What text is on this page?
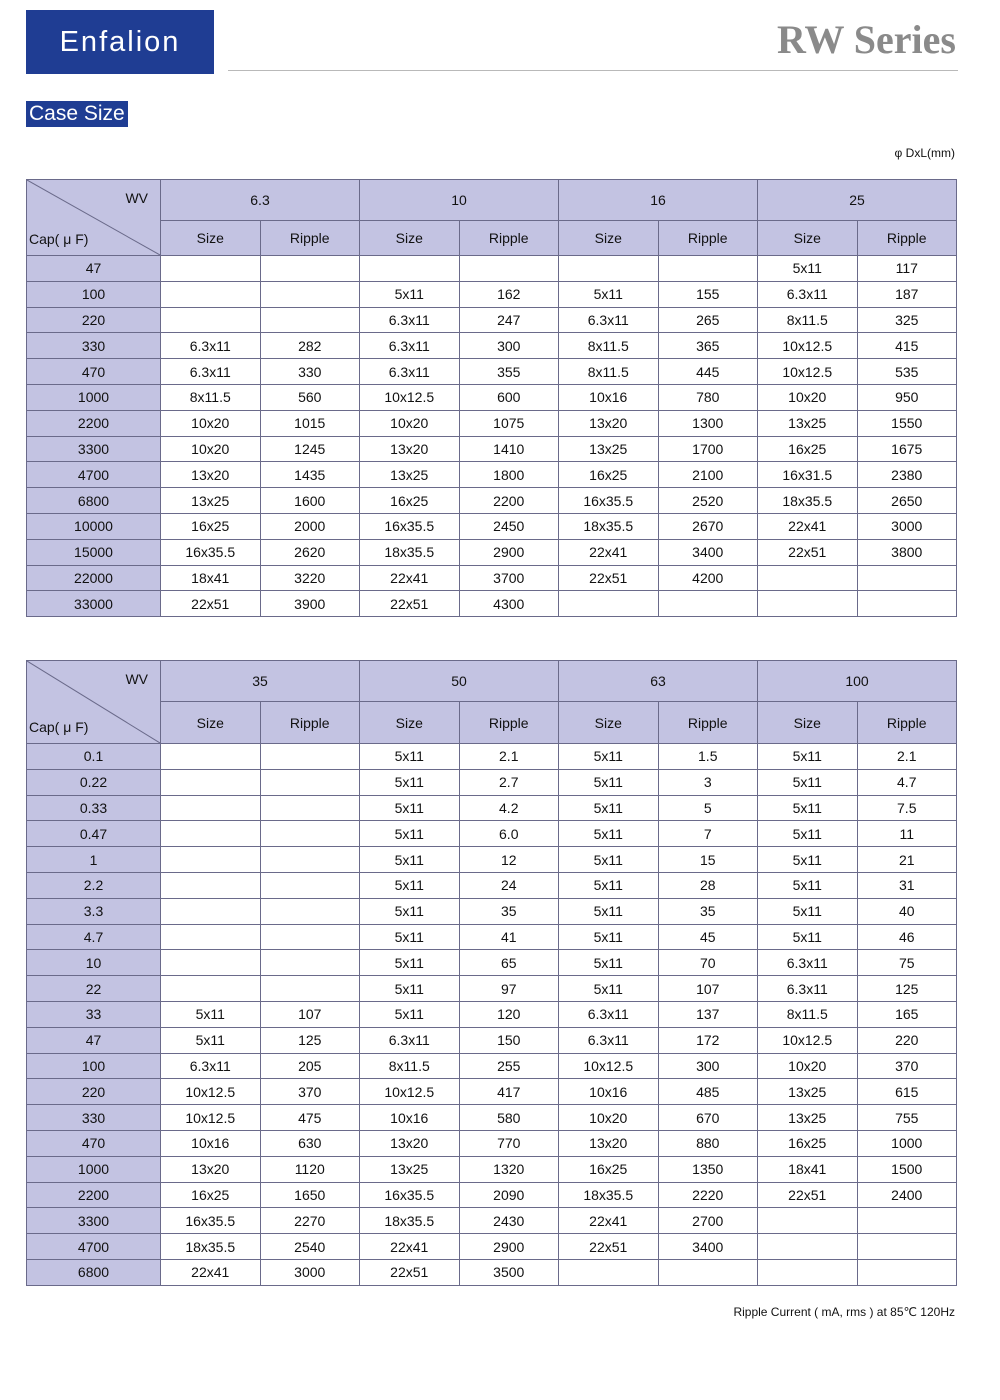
Enfalion	RW Series
Case Size
φ DxL(mm)
WV
Cap( μ F)	6.3		10		16		25	
	Size	Ripple	Size	Ripple	Size	Ripple	Size	Ripple
47							5x11	117
100			5x11	162	5x11	155	6.3x11	187
220			6.3x11	247	6.3x11	265	8x11.5	325
330	6.3x11	282	6.3x11	300	8x11.5	365	10x12.5	415
470	6.3x11	330	6.3x11	355	8x11.5	445	10x12.5	535
1000	8x11.5	560	10x12.5	600	10x16	780	10x20	950
2200	10x20	1015	10x20	1075	13x20	1300	13x25	1550
3300	10x20	1245	13x20	1410	13x25	1700	16x25	1675
4700	13x20	1435	13x25	1800	16x25	2100	16x31.5	2380
6800	13x25	1600	16x25	2200	16x35.5	2520	18x35.5	2650
10000	16x25	2000	16x35.5	2450	18x35.5	2670	22x41	3000
15000	16x35.5	2620	18x35.5	2900	22x41	3400	22x51	3800
22000	18x41	3220	22x41	3700	22x51	4200		
33000	22x51	3900	22x51	4300				
WV
Cap( μ F)	35		50		63		100	
	Size	Ripple	Size	Ripple	Size	Ripple	Size	Ripple
0.1			5x11	2.1	5x11	1.5	5x11	2.1
0.22			5x11	2.7	5x11	3	5x11	4.7
0.33			5x11	4.2	5x11	5	5x11	7.5
0.47			5x11	6.0	5x11	7	5x11	11
1			5x11	12	5x11	15	5x11	21
2.2			5x11	24	5x11	28	5x11	31
3.3			5x11	35	5x11	35	5x11	40
4.7			5x11	41	5x11	45	5x11	46
10			5x11	65	5x11	70	6.3x11	75
22			5x11	97	5x11	107	6.3x11	125
33	5x11	107	5x11	120	6.3x11	137	8x11.5	165
47	5x11	125	6.3x11	150	6.3x11	172	10x12.5	220
100	6.3x11	205	8x11.5	255	10x12.5	300	10x20	370
220	10x12.5	370	10x12.5	417	10x16	485	13x25	615
330	10x12.5	475	10x16	580	10x20	670	13x25	755
470	10x16	630	13x20	770	13x20	880	16x25	1000
1000	13x20	1120	13x25	1320	16x25	1350	18x41	1500
2200	16x25	1650	16x35.5	2090	18x35.5	2220	22x51	2400
3300	16x35.5	2270	18x35.5	2430	22x41	2700		
4700	18x35.5	2540	22x41	2900	22x51	3400		
6800	22x41	3000	22x51	3500				
Ripple Current ( mA, rms ) at 85℃ 120Hz
